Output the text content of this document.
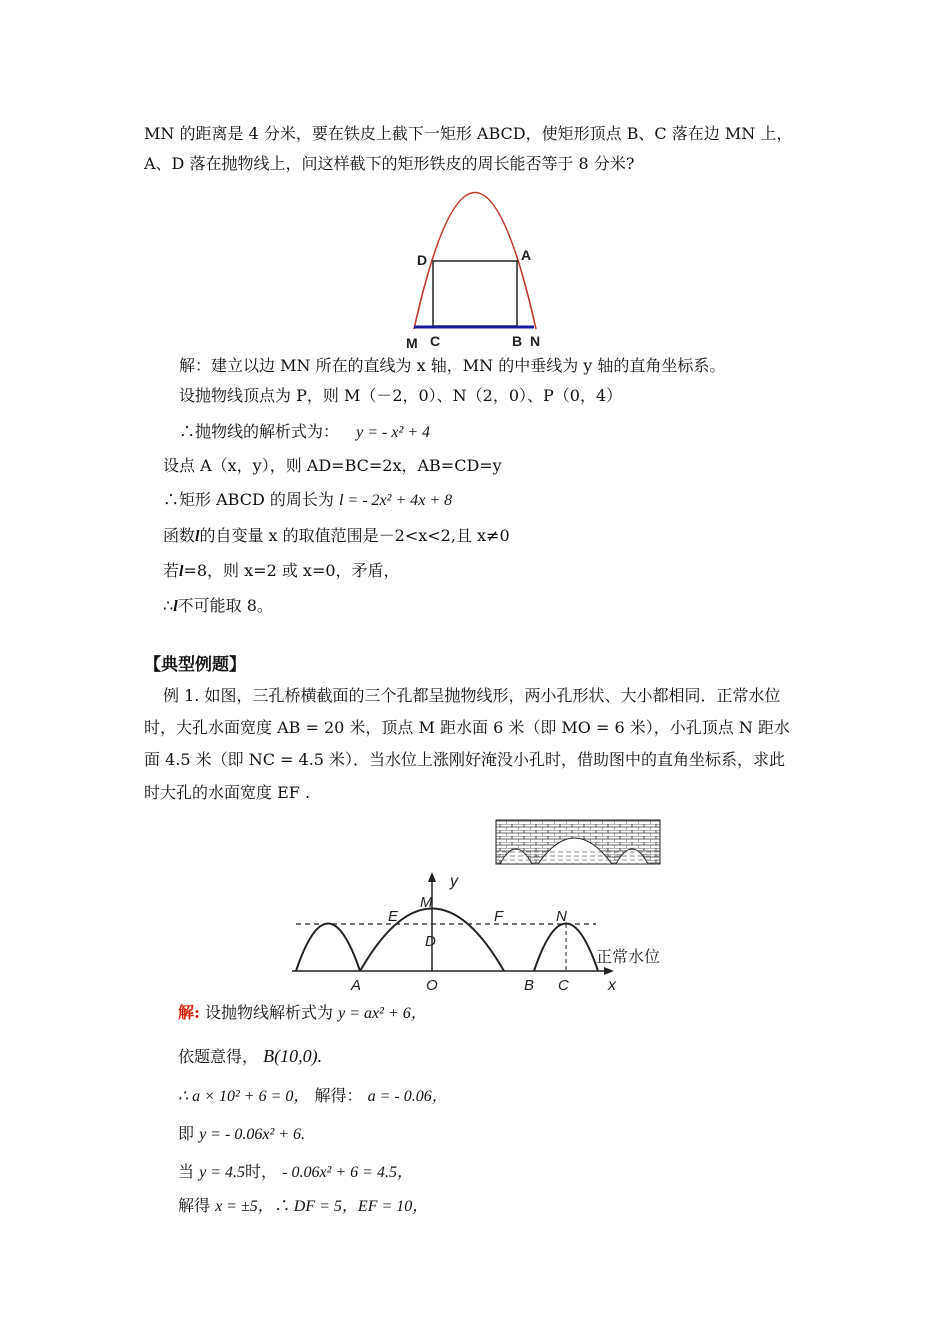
MN 的距离是 4 分米，要在铁皮上截下一矩形 ABCD，使矩形顶点 B、C 落在边 MN 上，
A、D 落在抛物线上，问这样截下的矩形铁皮的周长能否等于 8 分米?
D	A
M C	B N
解：建立以边 MN 所在的直线为 x 轴，MN 的中垂线为 y 轴的直角坐标系。
设抛物线顶点为 P，则 M（－2，0）、N（2，0）、P（0，4）
∴抛物线的解析式为： y = - x² + 4
设点 A（x，y），则 AD=BC=2x，AB=CD=y
∴矩形 ABCD 的周长为 l = - 2x² + 4x + 8
函数l的自变量 x 的取值范围是－2<x<2,且 x≠0
若l=8，则 x=2 或 x=0，矛盾，
∴l不可能取 8。
【典型例题】
例 1. 如图，三孔桥横截面的三个孔都呈抛物线形，两小孔形状、大小都相同．正常水位
时，大孔水面宽度 AB = 20 米，顶点 M 距水面 6 米（即 MO = 6 米），小孔顶点 N 距水
面 4.5 米（即 NC = 4.5 米）．当水位上涨刚好淹没小孔时，借助图中的直角坐标系，求此
时大孔的水面宽度 EF .
y
M
E	F	N
D
A	O	B C x
正常水位
解: 设抛物线解析式为 y = ax² + 6，
依题意得， B(10,0).
∴ a × 10² + 6 = 0， 解得： a = - 0.06，
即 y = - 0.06x² + 6.
当 y = 4.5时， - 0.06x² + 6 = 4.5，
解得 x = ±5，∴ DF = 5，EF = 10，
